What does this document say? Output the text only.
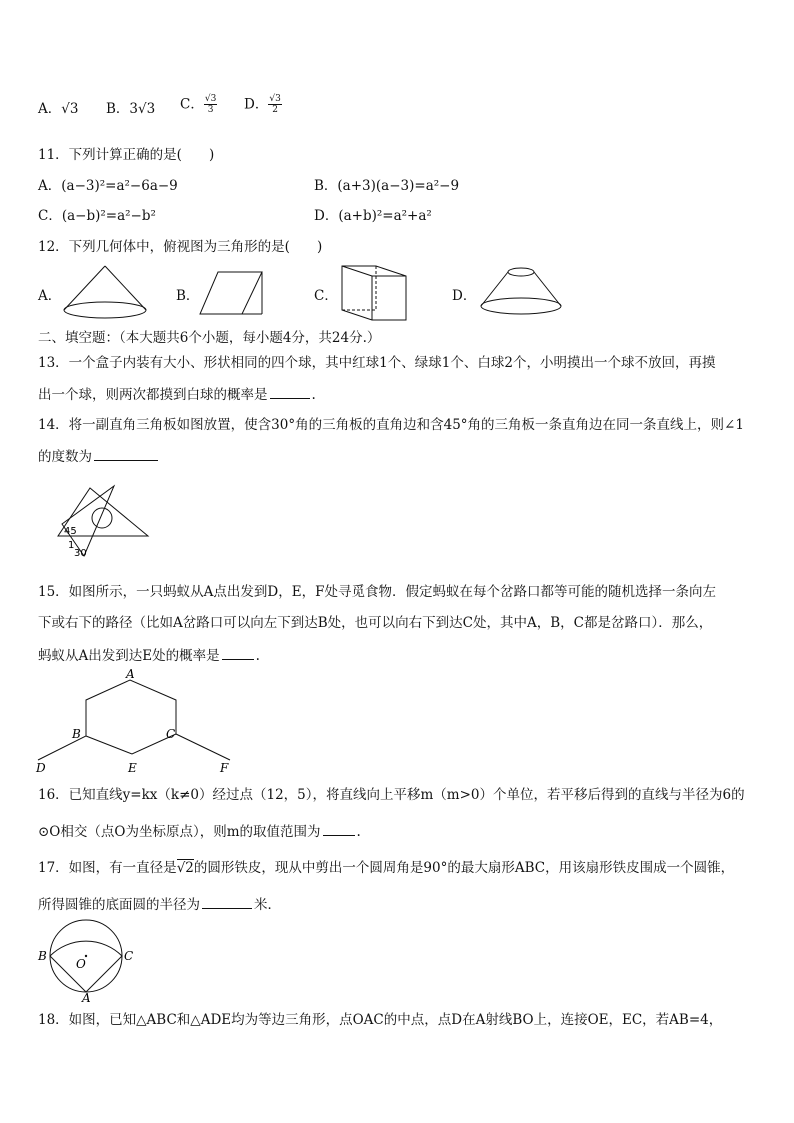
A．√3 B．3√3 C． $\frac{√3}{3}$ D． $\frac{√3}{2}$
11．下列计算正确的是(　　)
A．(a−3)²=a²−6a−9	B．(a+3)(a−3)=a²−9
C．(a−b)²=a²−b²	D．(a+b)²=a²+a²
12．下列几何体中，俯视图为三角形的是(　　)
A．	B．	C．	D．
二、填空题：（本大题共6个小题，每小题4分，共24分.）
13．一个盒子内装有大小、形状相同的四个球，其中红球1个、绿球1个、白球2个，小明摸出一个球不放回，再摸
出一个球，则两次都摸到白球的概率是	.
14．将一副直角三角板如图放置，使含30°角的三角板的直角边和含45°角的三角板一条直角边在同一条直线上，则∠1
的度数为
45
1
30
15．如图所示，一只蚂蚁从A点出发到D，E，F处寻觅食物．假定蚂蚁在每个岔路口都等可能的随机选择一条向左
下或右下的路径（比如A岔路口可以向左下到达B处，也可以向右下到达C处，其中A，B，C都是岔路口）．那么，
蚂蚁从A出发到达E处的概率是	.
A
B	C
D	E	F
16．已知直线y=kx（k≠0）经过点（12，5），将直线向上平移m（m>0）个单位，若平移后得到的直线与半径为6的
⊙O相交（点O为坐标原点），则m的取值范围为	.
17．如图，有一直径是√2的圆形铁皮，现从中剪出一个圆周角是90°的最大扇形ABC，用该扇形铁皮围成一个圆锥，
所得圆锥的底面圆的半径为	米．
B	C
O
A
18．如图，已知△ABC和△ADE均为等边三角形，点OAC的中点，点D在A射线BO上，连接OE，EC，若AB=4，
